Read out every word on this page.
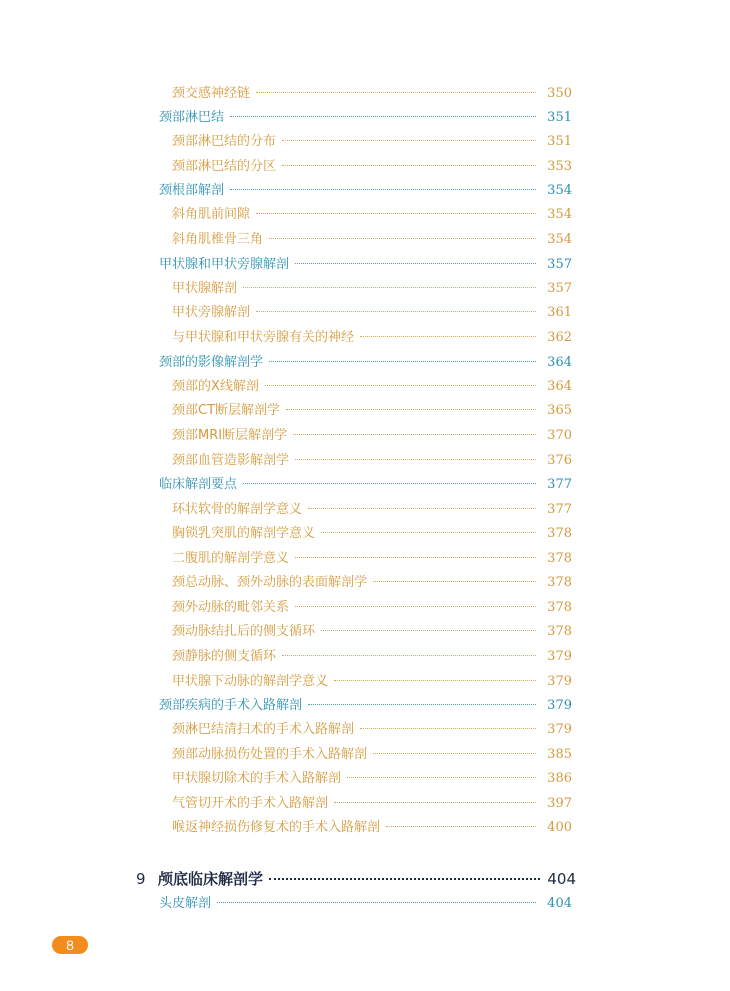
颈交感神经链	350
颈部淋巴结	351
颈部淋巴结的分布	351
颈部淋巴结的分区	353
颈根部解剖	354
斜角肌前间隙	354
斜角肌椎骨三角	354
甲状腺和甲状旁腺解剖	357
甲状腺解剖	357
甲状旁腺解剖	361
与甲状腺和甲状旁腺有关的神经	362
颈部的影像解剖学	364
颈部的X线解剖	364
颈部CT断层解剖学	365
颈部MRI断层解剖学	370
颈部血管造影解剖学	376
临床解剖要点	377
环状软骨的解剖学意义	377
胸锁乳突肌的解剖学意义	378
二腹肌的解剖学意义	378
颈总动脉、颈外动脉的表面解剖学	378
颈外动脉的毗邻关系	378
颈动脉结扎后的侧支循环	378
颈静脉的侧支循环	379
甲状腺下动脉的解剖学意义	379
颈部疾病的手术入路解剖	379
颈淋巴结清扫术的手术入路解剖	379
颈部动脉损伤处置的手术入路解剖	385
甲状腺切除术的手术入路解剖	386
气管切开术的手术入路解剖	397
喉返神经损伤修复术的手术入路解剖	400
9 颅底临床解剖学	404
头皮解剖	404
8
